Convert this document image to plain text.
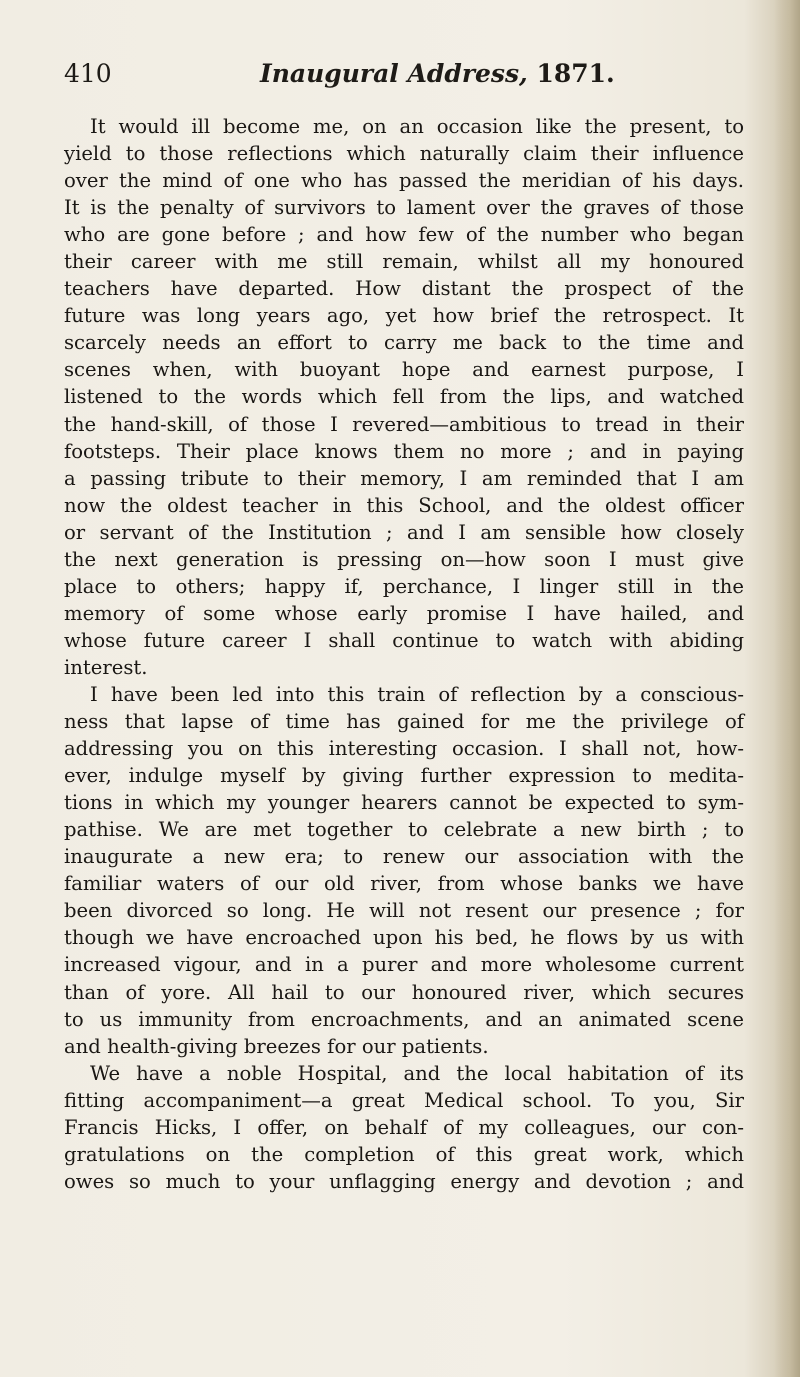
410	Inaugural Address, 1871.
It would ill become me, on an occasion like the present, to
yield to those reflections which naturally claim their influence
over the mind of one who has passed the meridian of his days.
It is the penalty of survivors to lament over the graves of those
who are gone before ; and how few of the number who began
their career with me still remain, whilst all my honoured
teachers have departed. How distant the prospect of the
future was long years ago, yet how brief the retrospect. It
scarcely needs an effort to carry me back to the time and
scenes when, with buoyant hope and earnest purpose, I
listened to the words which fell from the lips, and watched
the hand-skill, of those I revered—ambitious to tread in their
footsteps. Their place knows them no more ; and in paying
a passing tribute to their memory, I am reminded that I am
now the oldest teacher in this School, and the oldest officer
or servant of the Institution ; and I am sensible how closely
the next generation is pressing on—how soon I must give
place to others; happy if, perchance, I linger still in the
memory of some whose early promise I have hailed, and
whose future career I shall continue to watch with abiding
interest.
I have been led into this train of reflection by a conscious-
ness that lapse of time has gained for me the privilege of
addressing you on this interesting occasion. I shall not, how-
ever, indulge myself by giving further expression to medita-
tions in which my younger hearers cannot be expected to sym-
pathise. We are met together to celebrate a new birth ; to
inaugurate a new era; to renew our association with the
familiar waters of our old river, from whose banks we have
been divorced so long. He will not resent our presence ; for
though we have encroached upon his bed, he flows by us with
increased vigour, and in a purer and more wholesome current
than of yore. All hail to our honoured river, which secures
to us immunity from encroachments, and an animated scene
and health-giving breezes for our patients.
We have a noble Hospital, and the local habitation of its
fitting accompaniment—a great Medical school. To you, Sir
Francis Hicks, I offer, on behalf of my colleagues, our con-
gratulations on the completion of this great work, which
owes so much to your unflagging energy and devotion ; and
